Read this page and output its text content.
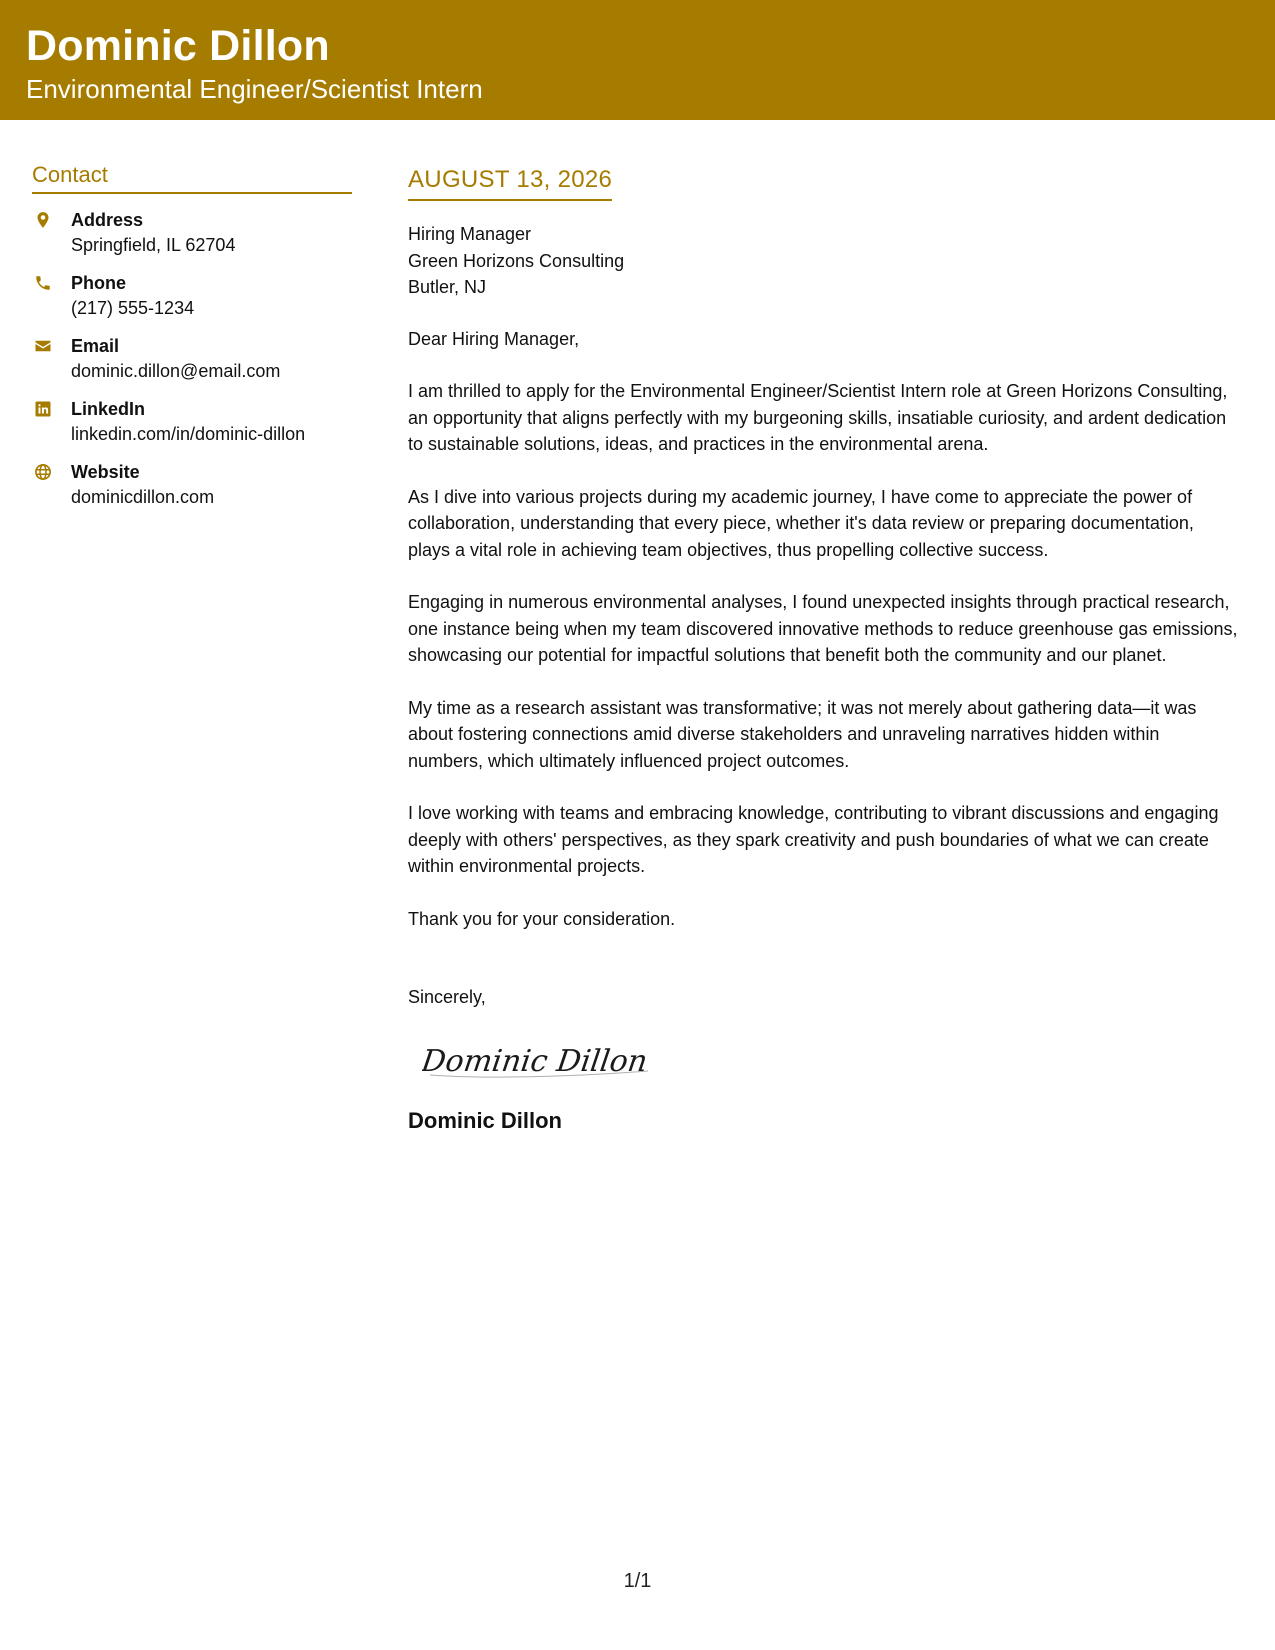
Dominic Dillon
Environmental Engineer/Scientist Intern
Contact
Address
Springfield, IL 62704
Phone
(217) 555-1234
Email
dominic.dillon@email.com
LinkedIn
linkedin.com/in/dominic-dillon
Website
dominicdillon.com
AUGUST 13, 2026
Hiring Manager
Green Horizons Consulting
Butler, NJ

Dear Hiring Manager,

I am thrilled to apply for the Environmental Engineer/Scientist Intern role at Green Horizons Consulting, an opportunity that aligns perfectly with my burgeoning skills, insatiable curiosity, and ardent dedication to sustainable solutions, ideas, and practices in the environmental arena.

As I dive into various projects during my academic journey, I have come to appreciate the power of collaboration, understanding that every piece, whether it's data review or preparing documentation, plays a vital role in achieving team objectives, thus propelling collective success.

Engaging in numerous environmental analyses, I found unexpected insights through practical research, one instance being when my team discovered innovative methods to reduce greenhouse gas emissions, showcasing our potential for impactful solutions that benefit both the community and our planet.

My time as a research assistant was transformative; it was not merely about gathering data—it was about fostering connections amid diverse stakeholders and unraveling narratives hidden within numbers, which ultimately influenced project outcomes.

I love working with teams and embracing knowledge, contributing to vibrant discussions and engaging deeply with others' perspectives, as they spark creativity and push boundaries of what we can create within environmental projects.

Thank you for your consideration.

Sincerely,
Dominic Dillon
Dominic Dillon
1/1
